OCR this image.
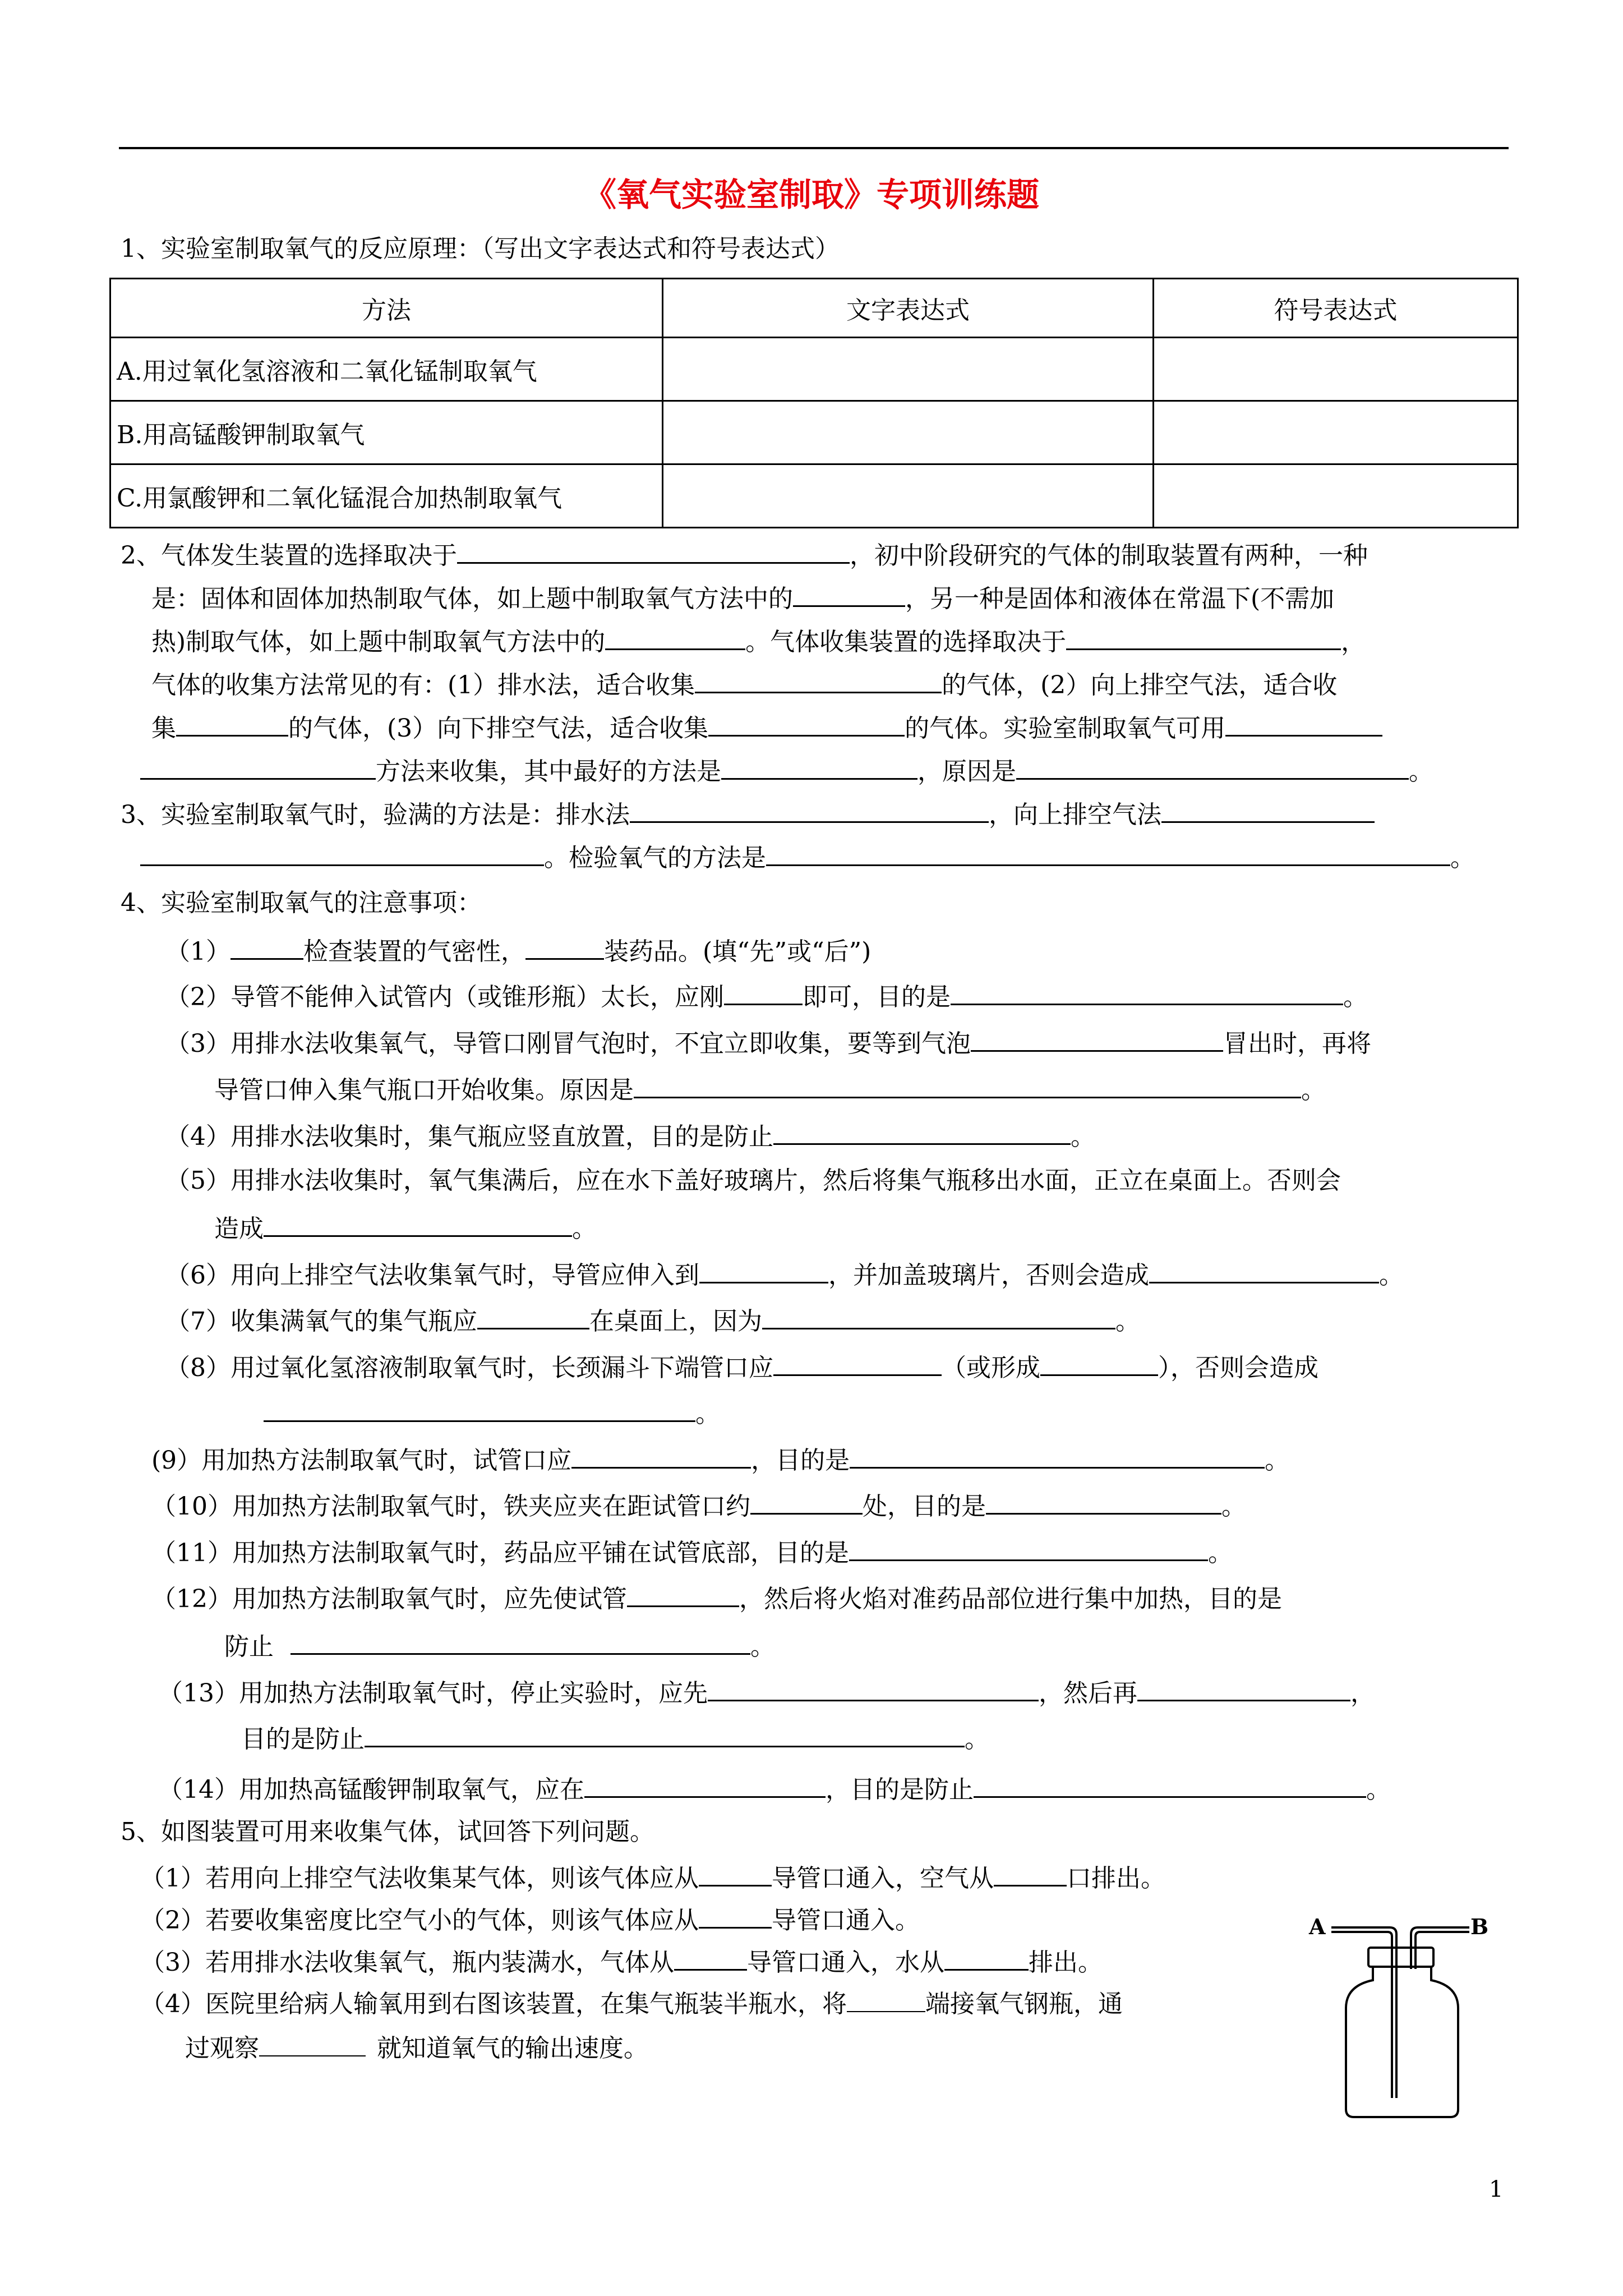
《氧气实验室制取》专项训练题
1、实验室制取氧气的反应原理：（写出文字表达式和符号表达式）
方法	文字表达式	符号表达式
A.用过氧化氢溶液和二氧化锰制取氧气		
B.用高锰酸钾制取氧气		
C.用氯酸钾和二氧化锰混合加热制取氧气		
2、气体发生装置的选择取决于	，初中阶段研究的气体的制取装置有两种，一种
是：固体和固体加热制取气体，如上题中制取氧气方法中的	，另一种是固体和液体在常温下(不需加
热)制取气体，如上题中制取氧气方法中的	。气体收集装置的选择取决于	，
气体的收集方法常见的有：(1）排水法，适合收集	的气体，(2）向上排空气法，适合收
集	的气体，(3）向下排空气法，适合收集	的气体。实验室制取氧气可用
方法来收集，其中最好的方法是	，原因是	。
3、实验室制取氧气时，验满的方法是：排水法	，向上排空气法
。检验氧气的方法是	。
4、实验室制取氧气的注意事项：
（1）	检查装置的气密性，	装药品。(填“先”或“后”)
（2）导管不能伸入试管内（或锥形瓶）太长，应刚	即可，目的是	。
（3）用排水法收集氧气，导管口刚冒气泡时，不宜立即收集，要等到气泡	冒出时，再将
导管口伸入集气瓶口开始收集。原因是	。
（4）用排水法收集时，集气瓶应竖直放置，目的是防止	。
（5）用排水法收集时，氧气集满后，应在水下盖好玻璃片，然后将集气瓶移出水面，正立在桌面上。否则会
造成	。
（6）用向上排空气法收集氧气时，导管应伸入到	，并加盖玻璃片，否则会造成	。
（7）收集满氧气的集气瓶应	在桌面上，因为	。
（8）用过氧化氢溶液制取氧气时，长颈漏斗下端管口应	（或形成	），否则会造成
。
(9）用加热方法制取氧气时，试管口应	，目的是	。
（10）用加热方法制取氧气时，铁夹应夹在距试管口约	处，目的是	。
（11）用加热方法制取氧气时，药品应平铺在试管底部，目的是	。
（12）用加热方法制取氧气时，应先使试管	，然后将火焰对准药品部位进行集中加热，目的是
防止	。
（13）用加热方法制取氧气时，停止实验时，应先	，然后再	，
目的是防止	。
（14）用加热高锰酸钾制取氧气，应在	，目的是防止	。
5、如图装置可用来收集气体，试回答下列问题。
（1）若用向上排空气法收集某气体，则该气体应从	导管口通入，空气从	口排出。
（2）若要收集密度比空气小的气体，则该气体应从	导管口通入。
（3）若用排水法收集氧气，瓶内装满水，气体从	导管口通入，水从	排出。
（4）医院里给病人输氧用到右图该装置，在集气瓶装半瓶水，将	端接氧气钢瓶，通
过观察	就知道氧气的输出速度。
A	B
1
